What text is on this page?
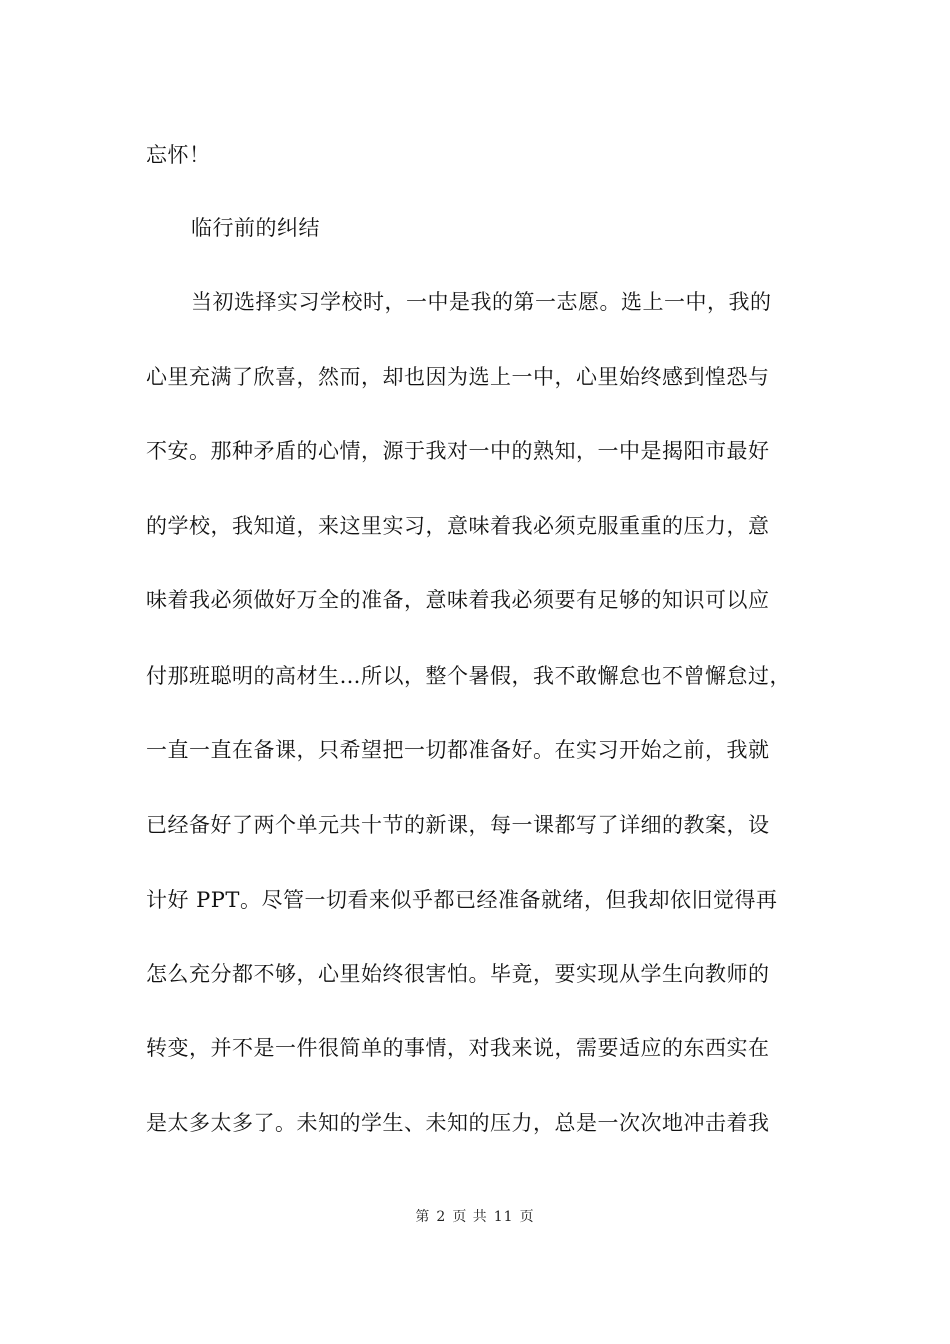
忘怀！
临行前的纠结
当初选择实习学校时，一中是我的第一志愿。选上一中，我的
心里充满了欣喜，然而，却也因为选上一中，心里始终感到惶恐与
不安。那种矛盾的心情，源于我对一中的熟知，一中是揭阳市最好
的学校，我知道，来这里实习，意味着我必须克服重重的压力，意
味着我必须做好万全的准备，意味着我必须要有足够的知识可以应
付那班聪明的高材生…所以，整个暑假，我不敢懈怠也不曾懈怠过，
一直一直在备课，只希望把一切都准备好。在实习开始之前，我就
已经备好了两个单元共十节的新课，每一课都写了详细的教案，设
计好 PPT。尽管一切看来似乎都已经准备就绪，但我却依旧觉得再
怎么充分都不够，心里始终很害怕。毕竟，要实现从学生向教师的
转变，并不是一件很简单的事情，对我来说，需要适应的东西实在
是太多太多了。未知的学生、未知的压力，总是一次次地冲击着我
第 2 页 共 11 页
